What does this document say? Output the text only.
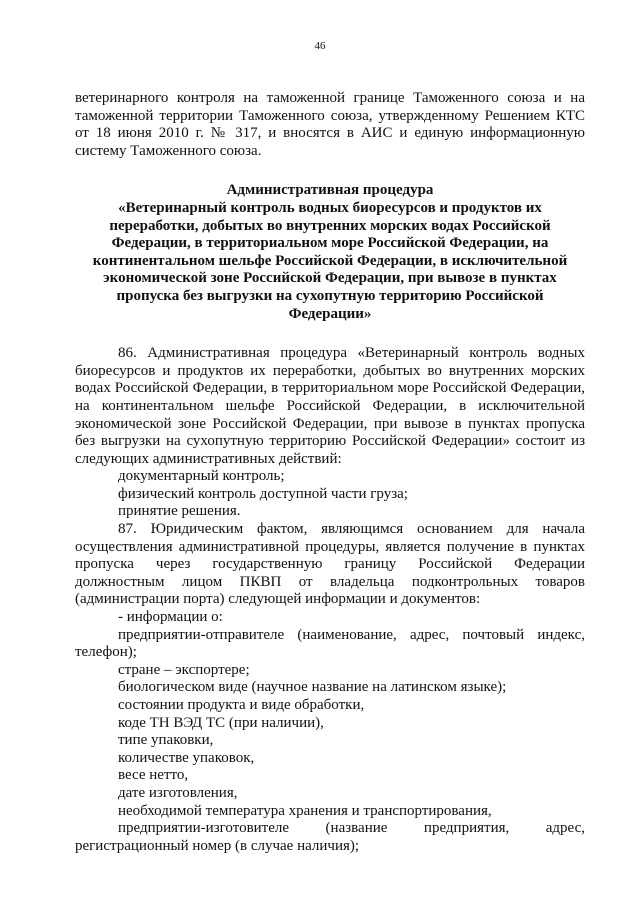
46

ветеринарного контроля на таможенной границе Таможенного союза и на таможенной территории Таможенного союза, утвержденному Решением КТС от 18 июня 2010 г. № 317, и вносятся в АИС и единую информационную систему Таможенного союза.

Административная процедура

«Ветеринарный контроль водных биоресурсов и продуктов их переработки, добытых во внутренних морских водах Российской Федерации, в территориальном море Российской Федерации, на континентальном шельфе Российской Федерации, в исключительной экономической зоне Российской Федерации, при вывозе в пунктах пропуска без выгрузки на сухопутную территорию Российской Федерации»

86. Административная процедура «Ветеринарный контроль водных биоресурсов и продуктов их переработки, добытых во внутренних морских водах Российской Федерации, в территориальном море Российской Федерации, на континентальном шельфе Российской Федерации, в исключительной экономической зоне Российской Федерации, при вывозе в пунктах пропуска без выгрузки на сухопутную территорию Российской Федерации» состоит из следующих административных действий:

документарный контроль;

физический контроль доступной части груза;

принятие решения.

87. Юридическим фактом, являющимся основанием для начала осуществления административной процедуры, является получение в пунктах пропуска через государственную границу Российской Федерации должностным лицом ПКВП от владельца подконтрольных товаров (администрации порта) следующей информации и документов:

- информации о:

предприятии-отправителе (наименование, адрес, почтовый индекс, телефон);

стране – экспортере;

биологическом виде (научное название на латинском языке);

состоянии продукта и виде обработки,

коде ТН ВЭД ТС (при наличии),

типе упаковки,

количестве упаковок,

весе нетто,

дате изготовления,

необходимой температура хранения и транспортирования,

предприятии-изготовителе (название предприятия, адрес, регистрационный номер (в случае наличия);
